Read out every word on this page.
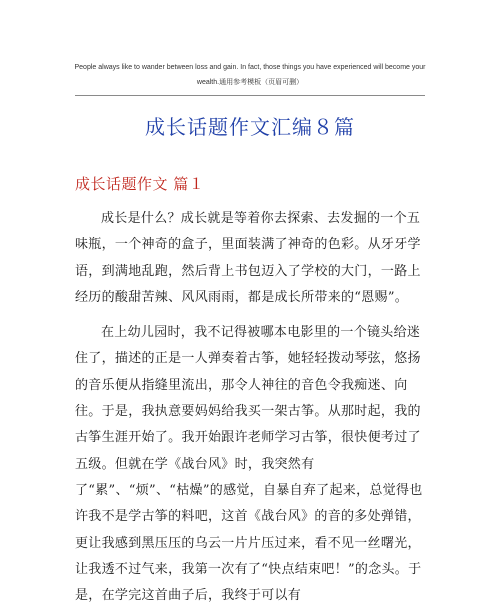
People always like to wander between loss and gain. In fact, those things you have experienced will become your
wealth.通用参考模板（页眉可删）
成长话题作文汇编８篇
成长话题作文 篇１

成长是什么？成长就是等着你去探索、去发掘的一个五味瓶，一个神奇的盒子，里面装满了神奇的色彩。从牙牙学语，到满地乱跑，然后背上书包迈入了学校的大门，一路上经历的酸甜苦辣、风风雨雨，都是成长所带来的“恩赐”。

在上幼儿园时，我不记得被哪本电影里的一个镜头给迷住了，描述的正是一人弹奏着古筝，她轻轻拨动琴弦，悠扬的音乐便从指缝里流出，那令人神往的音色令我痴迷、向往。于是，我执意要妈妈给我买一架古筝。从那时起，我的古筝生涯开始了。我开始跟许老师学习古筝，很快便考过了五级。但就在学《战台风》时，我突然有了“累”、“烦”、“枯燥”的感觉，自暴自弃了起来，总觉得也许我不是学古筝的料吧，这首《战台风》的音的多处弹错，更让我感到黑压压的乌云一片片压过来，看不见一丝曙光，让我透不过气来，我第一次有了“快点结束吧！”的念头。于是，在学完这首曲子后，我终于可以有
